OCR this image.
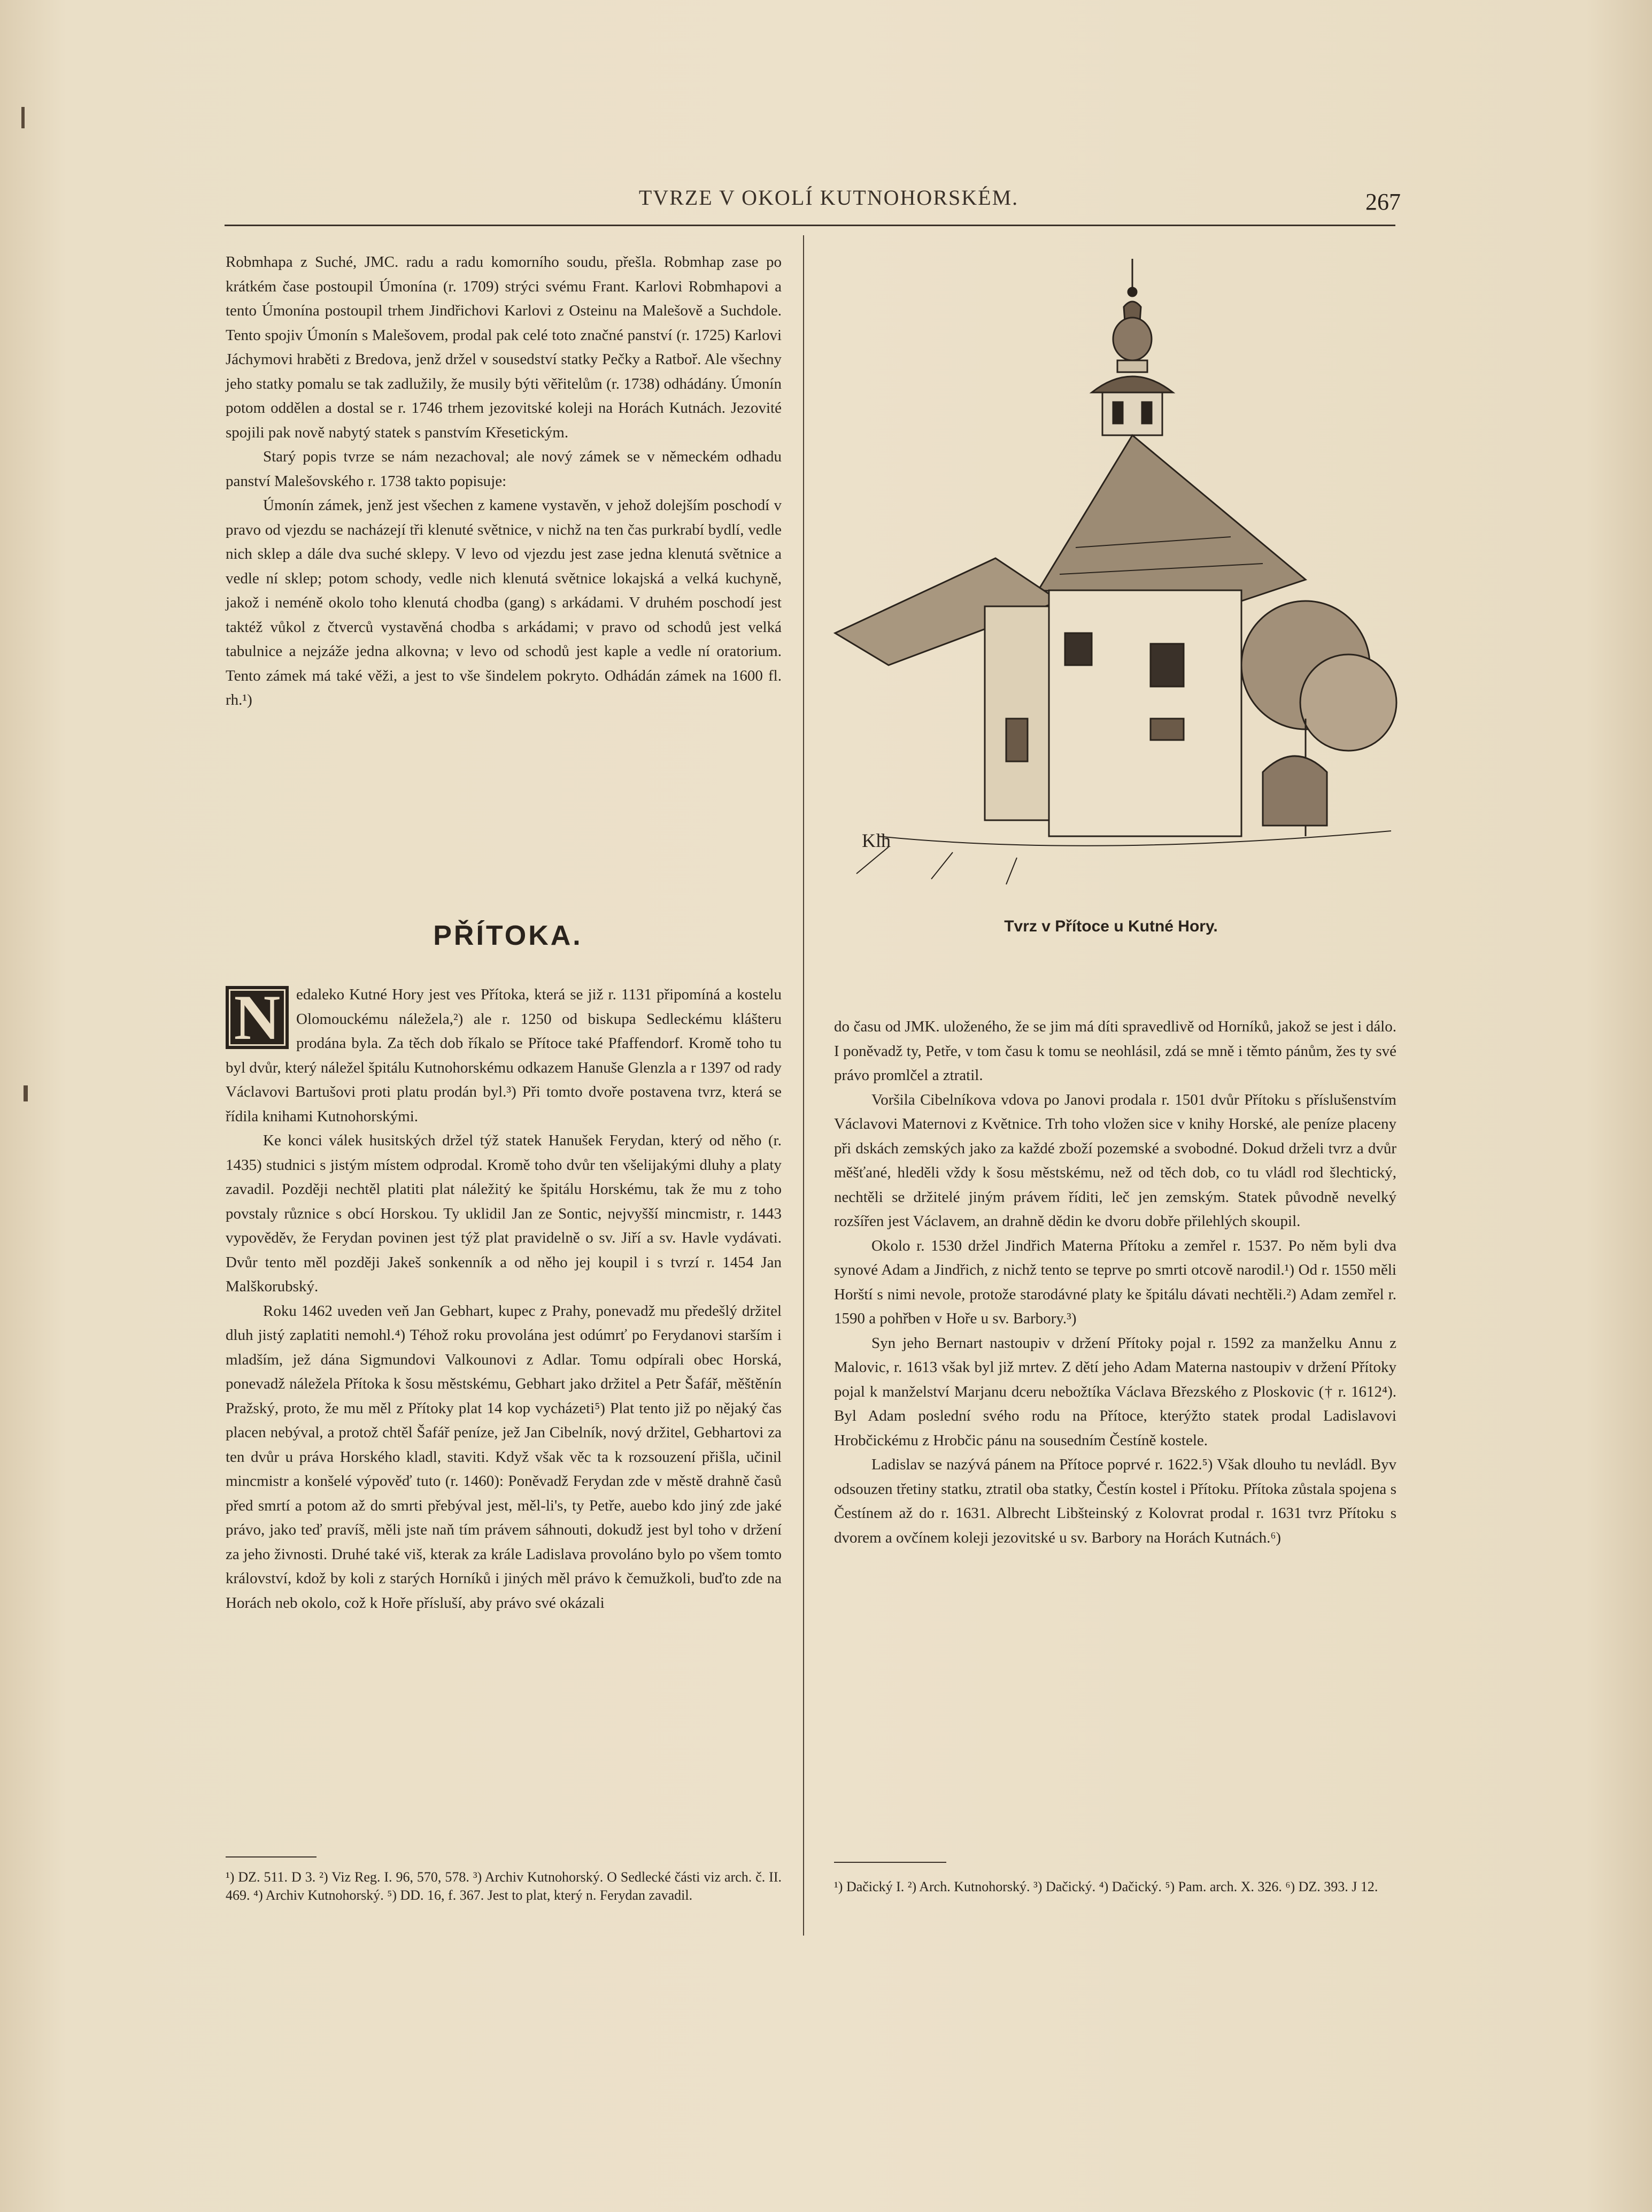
TVRZE V OKOLÍ KUTNOHORSKÉM.	267

Robmhapa z Suché, JMC. radu a radu komorního soudu, přešla. Robmhap zase po krátkém čase postoupil Úmonína (r. 1709) strýci svému Frant. Karlovi Robmhapovi a tento Úmonína postoupil trhem Jindřichovi Karlovi z Osteinu na Malešově a Suchdole. Tento spojiv Úmonín s Malešovem, prodal pak celé toto značné panství (r. 1725) Karlovi Jáchymovi hraběti z Bredova, jenž držel v sousedství statky Pečky a Ratboř. Ale všechny jeho statky pomalu se tak zadlužily, že musily býti věřitelům (r. 1738) odhádány. Úmonín potom oddělen a dostal se r. 1746 trhem jezovitské koleji na Horách Kutnách. Jezovité spojili pak nově nabytý statek s panstvím Křesetickým.

Starý popis tvrze se nám nezachoval; ale nový zámek se v německém odhadu panství Malešovského r. 1738 takto popisuje:

Úmonín zámek, jenž jest všechen z kamene vystavěn, v jehož dolejším poschodí v pravo od vjezdu se nacházejí tři klenuté světnice, v nichž na ten čas purkrabí bydlí, vedle nich sklep a dále dva suché sklepy. V levo od vjezdu jest zase jedna klenutá světnice a vedle ní sklep; potom schody, vedle nich klenutá světnice lokajská a velká kuchyně, jakož i neméně okolo toho klenutá chodba (gang) s arkádami. V druhém poschodí jest taktéž vůkol z čtverců vystavěná chodba s arkádami; v pravo od schodů jest velká tabulnice a nejzáže jedna alkovna; v levo od schodů jest kaple a vedle ní oratorium. Tento zámek má také věži, a jest to vše šindelem pokryto. Odhádán zámek na 1600 fl. rh.¹)

PŘÍTOKA.

N	edaleko Kutné Hory jest ves Přítoka, která se již r. 1131 připomíná a kostelu Olomouckému náležela,²) ale r. 1250 od biskupa Sedleckému klášteru prodána byla. Za těch dob říkalo se Přítoce také Pfaffendorf. Kromě toho tu byl dvůr, který náležel špitálu Kutnohorskému odkazem Hanuše Glenzla a r 1397 od rady Václavovi Bartušovi proti platu prodán byl.³) Při tomto dvoře postavena tvrz, která se řídila knihami Kutnohorskými.

Ke konci válek husitských držel týž statek Hanušek Ferydan, který od něho (r. 1435) studnici s jistým místem odprodal. Kromě toho dvůr ten všelijakými dluhy a platy zavadil. Později nechtěl platiti plat náležitý ke špitálu Horskému, tak že mu z toho povstaly různice s obcí Horskou. Ty uklidil Jan ze Sontic, nejvyšší mincmistr, r. 1443 vypověděv, že Ferydan povinen jest týž plat pravidelně o sv. Jiří a sv. Havle vydávati. Dvůr tento měl později Jakeš sonkenník a od něho jej koupil i s tvrzí r. 1454 Jan Malškorubský.

Roku 1462 uveden veň Jan Gebhart, kupec z Prahy, ponevadž mu předešlý držitel dluh jistý zaplatiti nemohl.⁴) Téhož roku provolána jest odúmrť po Ferydanovi starším i mladším, jež dána Sigmundovi Valkounovi z Adlar. Tomu odpírali obec Horská, ponevadž náležela Přítoka k šosu městskému, Gebhart jako držitel a Petr Šafář, měštěnín Pražský, proto, že mu měl z Přítoky plat 14 kop vycházeti⁵) Plat tento již po nějaký čas placen nebýval, a protož chtěl Šafář peníze, jež Jan Cibelník, nový držitel, Gebhartovi za ten dvůr u práva Horského kladl, staviti. Když však věc ta k rozsouzení přišla, učinil mincmistr a konšelé výpověď tuto (r. 1460): Poněvadž Ferydan zde v městě drahně časů před smrtí a potom až do smrti přebýval jest, měl-li's, ty Petře, auebo kdo jiný zde jaké právo, jako teď pravíš, měli jste naň tím právem sáhnouti, dokudž jest byl toho v držení za jeho živnosti. Druhé také viš, kterak za krále Ladislava provoláno bylo po všem tomto království, kdož by koli z starých Horníků i jiných měl právo k čemužkoli, buďto zde na Horách neb okolo, což k Hoře přísluší, aby právo své okázali

Klh
Tvrz v Přítoce u Kutné Hory.

do času od JMK. uloženého, že se jim má díti spravedlivě od Horníků, jakož se jest i dálo. I poněvadž ty, Petře, v tom času k tomu se neohlásil, zdá se mně i těmto pánům, žes ty své právo promlčel a ztratil.

Voršila Cibelníkova vdova po Janovi prodala r. 1501 dvůr Přítoku s příslušenstvím Václavovi Maternovi z Květnice. Trh toho vložen sice v knihy Horské, ale peníze placeny při dskách zemských jako za každé zboží pozemské a svobodné. Dokud drželi tvrz a dvůr měšťané, hleděli vždy k šosu městskému, než od těch dob, co tu vládl rod šlechtický, nechtěli se držitelé jiným právem říditi, leč jen zemským. Statek původně nevelký rozšířen jest Václavem, an drahně dědin ke dvoru dobře přilehlých skoupil.

Okolo r. 1530 držel Jindřich Materna Přítoku a zemřel r. 1537. Po něm byli dva synové Adam a Jindřich, z nichž tento se teprve po smrti otcově narodil.¹) Od r. 1550 měli Horští s nimi nevole, protože starodávné platy ke špitálu dávati nechtěli.²) Adam zemřel r. 1590 a pohřben v Hoře u sv. Barbory.³)

Syn jeho Bernart nastoupiv v držení Přítoky pojal r. 1592 za manželku Annu z Malovic, r. 1613 však byl již mrtev. Z dětí jeho Adam Materna nastoupiv v držení Přítoky pojal k manželství Marjanu dceru nebožtíka Václava Březského z Ploskovic († r. 1612⁴). Byl Adam poslední svého rodu na Přítoce, kterýžto statek prodal Ladislavovi Hrobčickému z Hrobčic pánu na sousedním Čestíně kostele.

Ladislav se nazývá pánem na Přítoce poprvé r. 1622.⁵) Však dlouho tu nevládl. Byv odsouzen třetiny statku, ztratil oba statky, Čestín kostel i Přítoku. Přítoka zůstala spojena s Čestínem až do r. 1631. Albrecht Libšteinský z Kolovrat prodal r. 1631 tvrz Přítoku s dvorem a ovčínem koleji jezovitské u sv. Barbory na Horách Kutnách.⁶)

¹) DZ. 511. D 3. ²) Viz Reg. I. 96, 570, 578. ³) Archiv Kutnohorský. O Sedlecké části viz arch. č. II. 469. ⁴) Archiv Kutnohorský. ⁵) DD. 16, f. 367. Jest to plat, který n. Ferydan zavadil.
¹) Dačický I. ²) Arch. Kutnohorský. ³) Dačický. ⁴) Dačický. ⁵) Pam. arch. X. 326. ⁶) DZ. 393. J 12.
